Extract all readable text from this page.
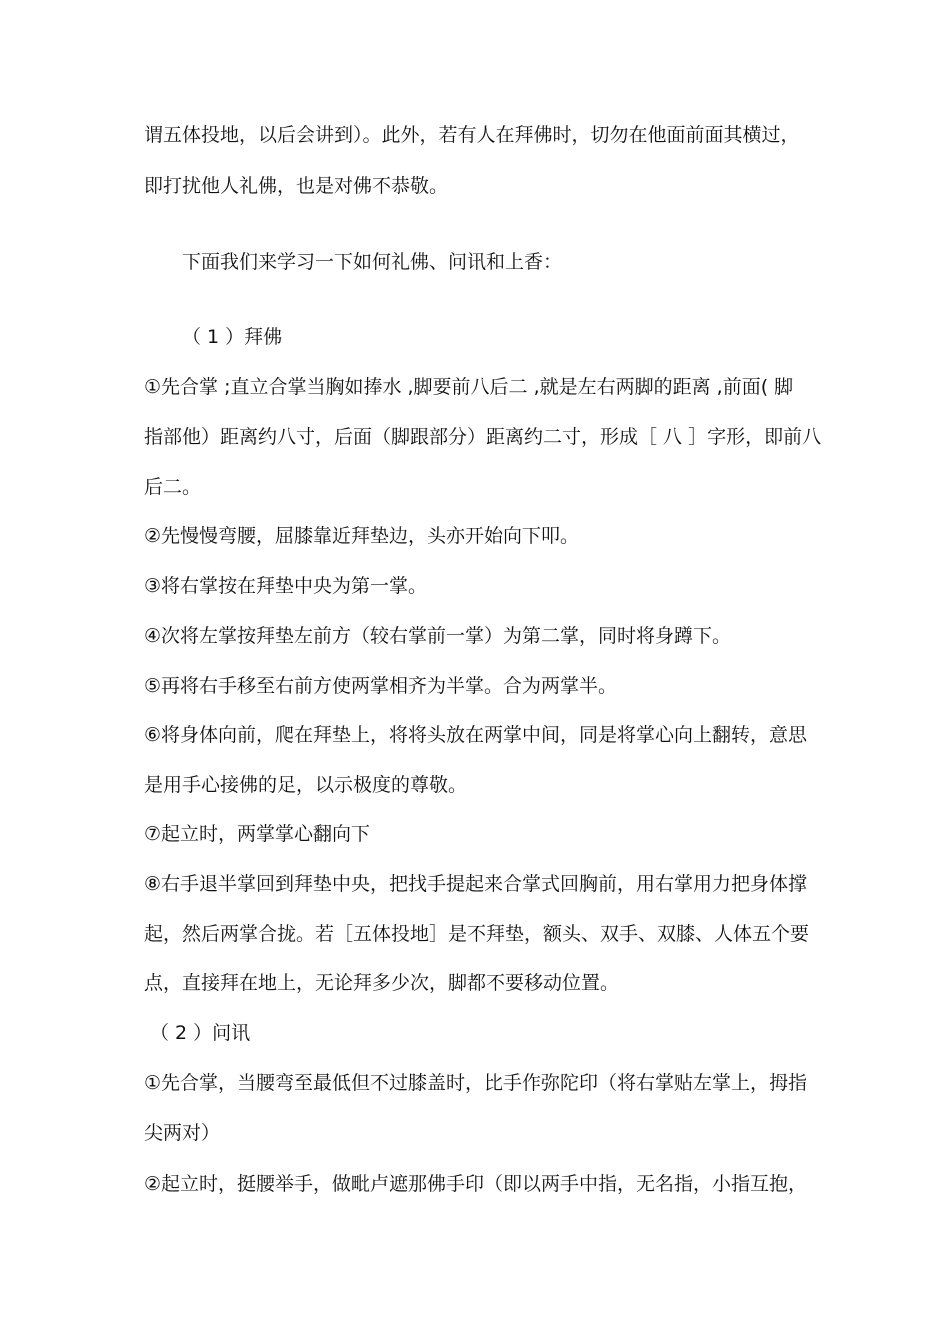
谓五体投地，以后会讲到）。此外，若有人在拜佛时，切勿在他面前面其横过，
即打扰他人礼佛，也是对佛不恭敬。
下面我们来学习一下如何礼佛、问讯和上香：
（ 1 ）拜佛
①先合掌 ;直立合掌当胸如捧水 ,脚要前八后二 ,就是左右两脚的距离 ,前面( 脚
指部他）距离约八寸，后面（脚跟部分）距离约二寸，形成［ 八 ］字形，即前八
后二。
②先慢慢弯腰，屈膝靠近拜垫边，头亦开始向下叩。
③将右掌按在拜垫中央为第一掌。
④次将左掌按拜垫左前方（较右掌前一掌）为第二掌，同时将身蹲下。
⑤再将右手移至右前方使两掌相齐为半掌。合为两掌半。
⑥将身体向前，爬在拜垫上，将将头放在两掌中间，同是将掌心向上翻转，意思
是用手心接佛的足，以示极度的尊敬。
⑦起立时，两掌掌心翻向下
⑧右手退半掌回到拜垫中央，把找手提起来合掌式回胸前，用右掌用力把身体撑
起，然后两掌合拢。若［五体投地］是不拜垫，额头、双手、双膝、人体五个要
点，直接拜在地上，无论拜多少次，脚都不要移动位置。
（ 2 ）问讯
①先合掌，当腰弯至最低但不过膝盖时，比手作弥陀印（将右掌贴左掌上，拇指
尖两对）
②起立时，挺腰举手，做毗卢遮那佛手印（即以两手中指，无名指，小指互抱，
